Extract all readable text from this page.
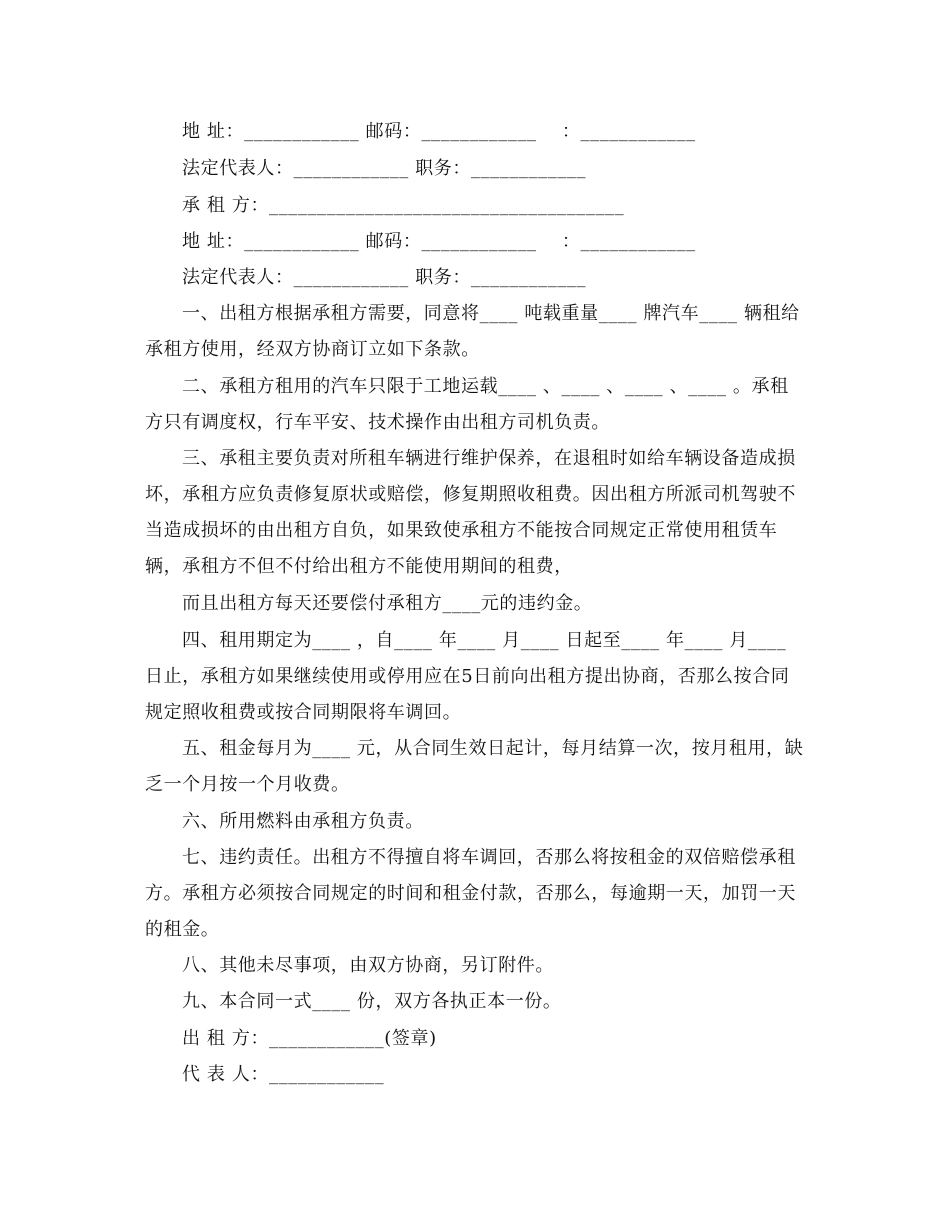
地 址：____________ 邮码：____________    ：____________
法定代表人：____________ 职务：____________
承 租 方：_____________________________________
地 址：____________ 邮码：____________    ：____________
法定代表人：____________ 职务：____________
一、出租方根据承租方需要，同意将____ 吨载重量____ 牌汽车____ 辆租给
承租方使用，经双方协商订立如下条款。
二、承租方租用的汽车只限于工地运载____ 、____ 、____ 、____ 。承租
方只有调度权，行车平安、技术操作由出租方司机负责。
三、承租主要负责对所租车辆进行维护保养，在退租时如给车辆设备造成损
坏，承租方应负责修复原状或赔偿，修复期照收租费。因出租方所派司机驾驶不
当造成损坏的由出租方自负，如果致使承租方不能按合同规定正常使用租赁车
辆，承租方不但不付给出租方不能使用期间的租费，
而且出租方每天还要偿付承租方____元的违约金。
四、租用期定为____ ，自____ 年____ 月____ 日起至____ 年____ 月____
日止，承租方如果继续使用或停用应在5日前向出租方提出协商，否那么按合同
规定照收租费或按合同期限将车调回。
五、租金每月为____ 元，从合同生效日起计，每月结算一次，按月租用，缺
乏一个月按一个月收费。
六、所用燃料由承租方负责。
七、违约责任。出租方不得擅自将车调回，否那么将按租金的双倍赔偿承租
方。承租方必须按合同规定的时间和租金付款，否那么，每逾期一天，加罚一天
的租金。
八、其他未尽事项，由双方协商，另订附件。
九、本合同一式____ 份，双方各执正本一份。
出 租 方：____________(签章)
代 表 人：____________
